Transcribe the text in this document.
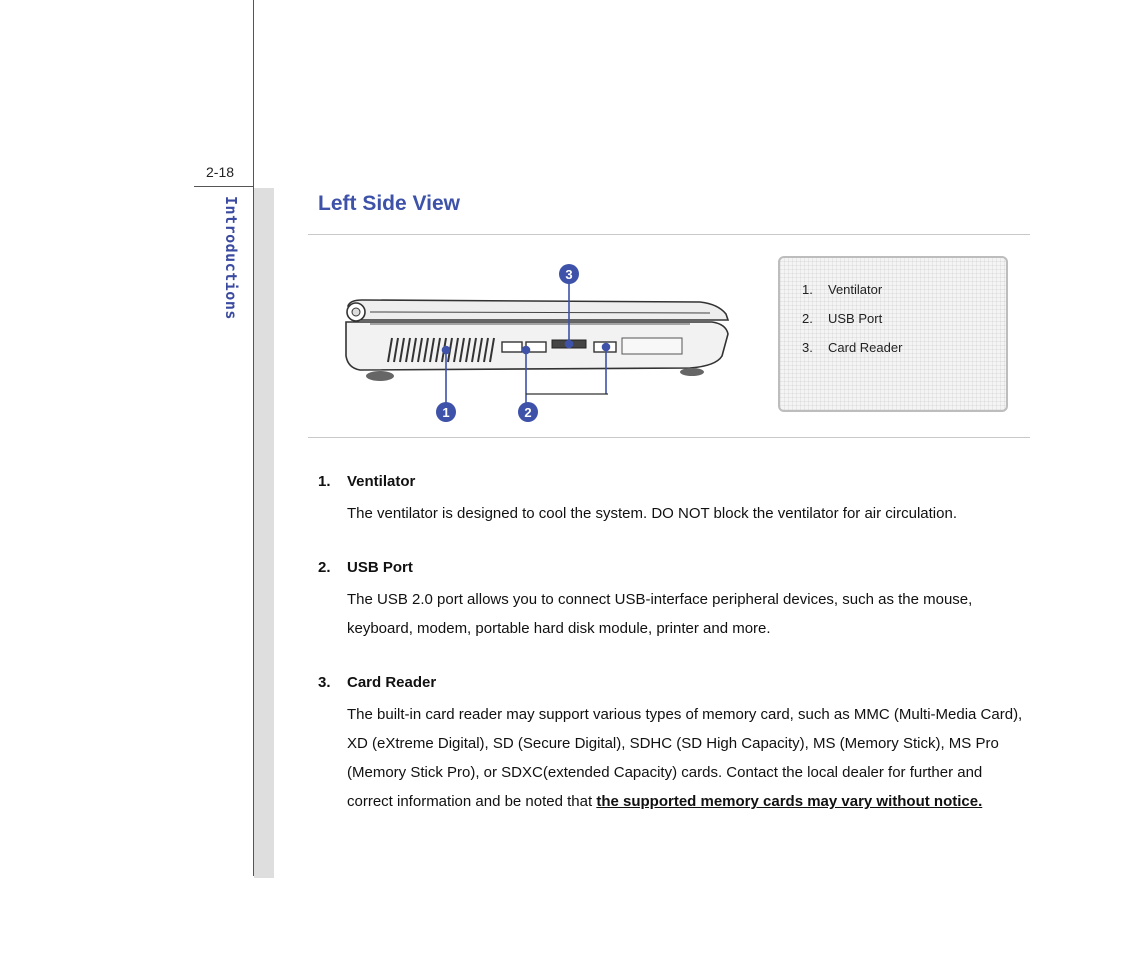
2-18
Introductions	Left Side View
3
1	2
1. Ventilator
2. USB Port
3. Card Reader
1. Ventilator
The ventilator is designed to cool the system. DO NOT block the ventilator for air circulation.
2. USB Port
The USB 2.0 port allows you to connect USB-interface peripheral devices, such as the mouse, keyboard, modem, portable hard disk module, printer and more.
3. Card Reader
The built-in card reader may support various types of memory card, such as MMC (Multi-Media Card), XD (eXtreme Digital), SD (Secure Digital), SDHC (SD High Capacity), MS (Memory Stick), MS Pro (Memory Stick Pro), or SDXC(extended Capacity) cards. Contact the local dealer for further and correct information and be noted that the supported memory cards may vary without notice.
